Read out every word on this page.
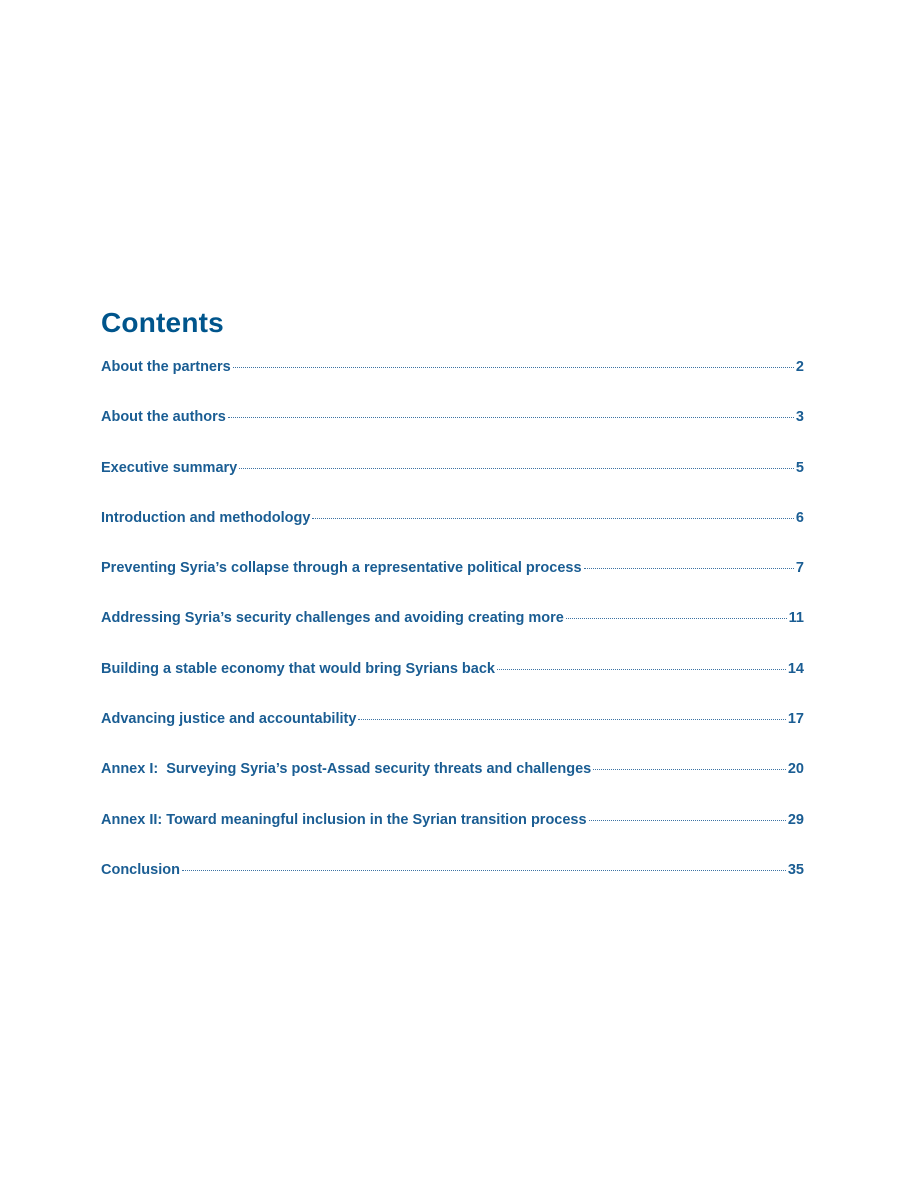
Contents
About the partners	2
About the authors	3
Executive summary	5
Introduction and methodology	6
Preventing Syria’s collapse through a representative political process	7
Addressing Syria’s security challenges and avoiding creating more	11
Building a stable economy that would bring Syrians back	14
Advancing justice and accountability	17
Annex I:  Surveying Syria’s post-Assad security threats and challenges	20
Annex II: Toward meaningful inclusion in the Syrian transition process	29
Conclusion	35
